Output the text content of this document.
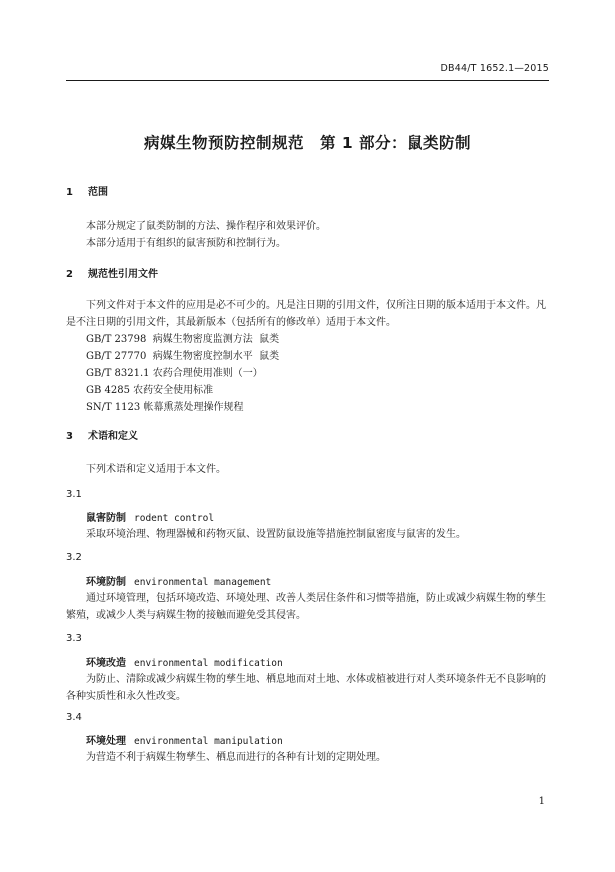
DB44/T 1652.1—2015
病媒生物预防控制规范　第 1 部分：鼠类防制
1 范围

本部分规定了鼠类防制的方法、操作程序和效果评价。

本部分适用于有组织的鼠害预防和控制行为。

2 规范性引用文件

下列文件对于本文件的应用是必不可少的。凡是注日期的引用文件，仅所注日期的版本适用于本文件。凡是不注日期的引用文件，其最新版本（包括所有的修改单）适用于本文件。

GB/T 23798  病媒生物密度监测方法  鼠类

GB/T 27770  病媒生物密度控制水平  鼠类

GB/T 8321.1 农药合理使用准则（一）

GB 4285 农药安全使用标准

SN/T 1123 帐幕熏蒸处理操作规程

3 术语和定义

下列术语和定义适用于本文件。

3.1

鼠害防制 rodent control

采取环境治理、物理器械和药物灭鼠、设置防鼠设施等措施控制鼠密度与鼠害的发生。

3.2

环境防制 environmental management

通过环境管理，包括环境改造、环境处理、改善人类居住条件和习惯等措施，防止或减少病媒生物的孳生繁殖，或减少人类与病媒生物的接触而避免受其侵害。

3.3

环境改造 environmental modification

为防止、清除或减少病媒生物的孳生地、栖息地而对土地、水体或植被进行对人类环境条件无不良影响的各种实质性和永久性改变。

3.4

环境处理 environmental manipulation

为营造不利于病媒生物孳生、栖息而进行的各种有计划的定期处理。

1
